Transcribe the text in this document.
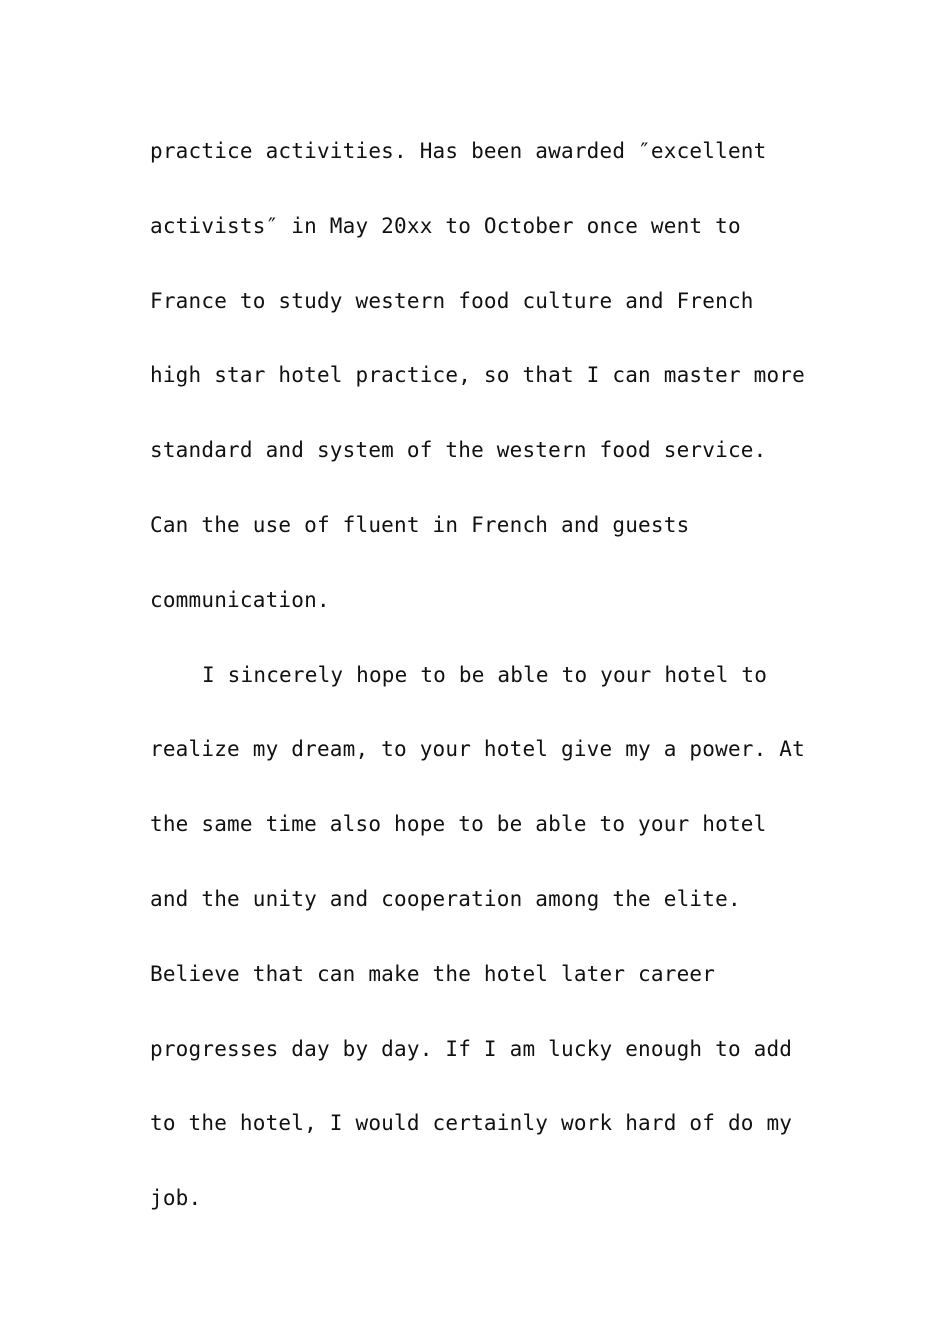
practice activities. Has been awarded ″excellent
activists″ in May 20xx to October once went to
France to study western food culture and French
high star hotel practice, so that I can master more
standard and system of the western food service.
Can the use of fluent in French and guests
communication.
I sincerely hope to be able to your hotel to
realize my dream, to your hotel give my a power. At
the same time also hope to be able to your hotel
and the unity and cooperation among the elite.
Believe that can make the hotel later career
progresses day by day. If I am lucky enough to add
to the hotel, I would certainly work hard of do my
job.
